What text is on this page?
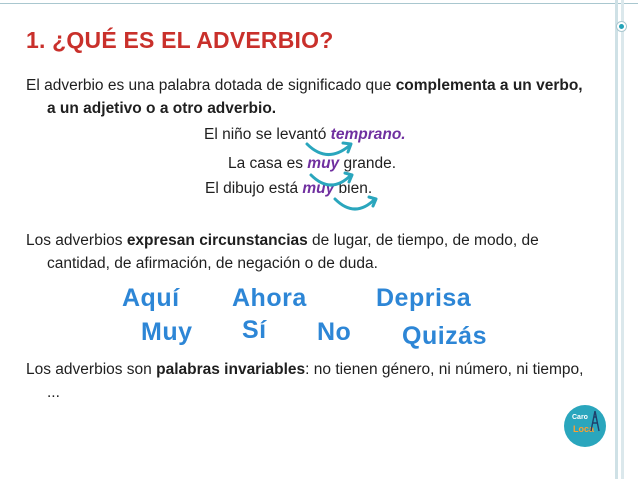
1. ¿QUÉ ES EL ADVERBIO?
El adverbio es una palabra dotada de significado que complementa a un verbo, a un adjetivo o a otro adverbio.
El niño se levantó temprano.
La casa es muy grande.
El dibujo está muy bien.
Los adverbios expresan circunstancias de lugar, de tiempo, de modo, de cantidad, de afirmación, de negación o de duda.
Aquí Ahora	Deprisa
Muy Sí No Quizás
Los adverbios son palabras invariables: no tienen género, ni número, ni tiempo, ...
Caro
Loca
